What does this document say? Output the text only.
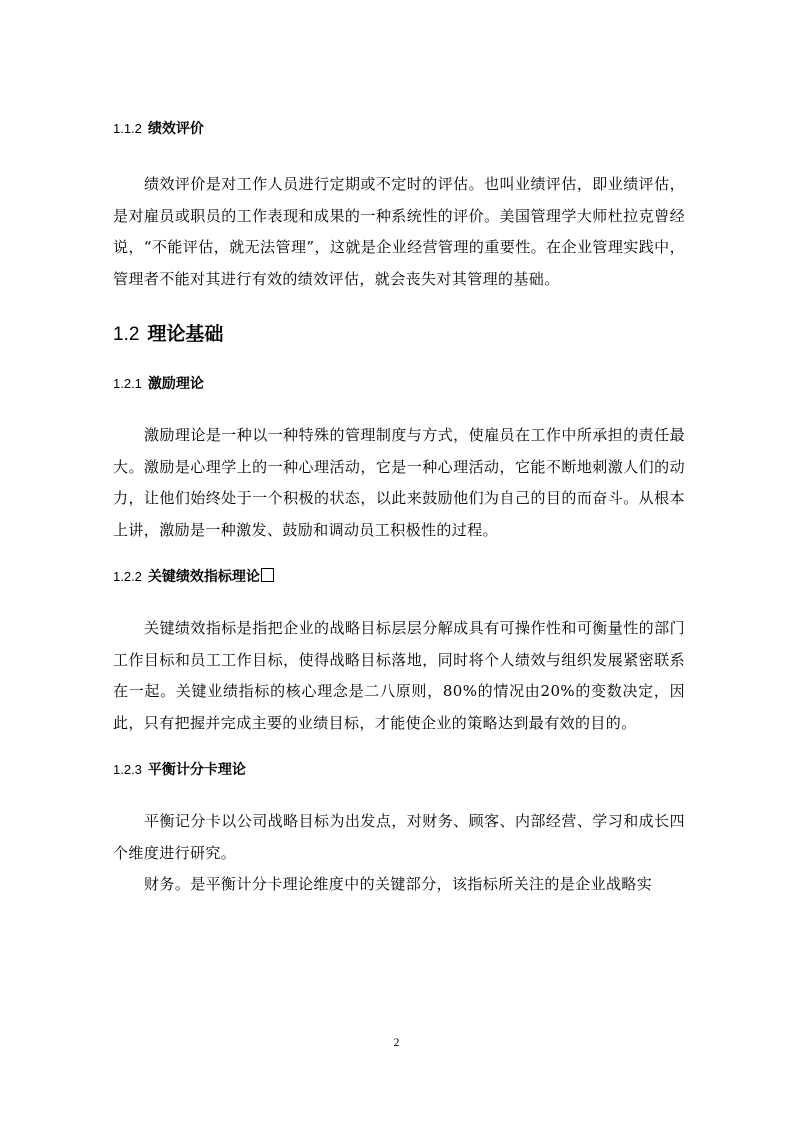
1.1.2 绩效评价

绩效评价是对工作人员进行定期或不定时的评估。也叫业绩评估，即业绩评估，是对雇员或职员的工作表现和成果的一种系统性的评价。美国管理学大师杜拉克曾经说，“不能评估，就无法管理”，这就是企业经营管理的重要性。在企业管理实践中，管理者不能对其进行有效的绩效评估，就会丧失对其管理的基础。

1.2 理论基础
1.2.1 激励理论

激励理论是一种以一种特殊的管理制度与方式，使雇员在工作中所承担的责任最大。激励是心理学上的一种心理活动，它是一种心理活动，它能不断地刺激人们的动力，让他们始终处于一个积极的状态，以此来鼓励他们为自己的目的而奋斗。从根本上讲，激励是一种激发、鼓励和调动员工积极性的过程。

1.2.2 关键绩效指标理论

关键绩效指标是指把企业的战略目标层层分解成具有可操作性和可衡量性的部门工作目标和员工工作目标，使得战略目标落地，同时将个人绩效与组织发展紧密联系在一起。关键业绩指标的核心理念是二八原则，80%的情况由20%的变数决定，因此，只有把握并完成主要的业绩目标，才能使企业的策略达到最有效的目的。

1.2.3 平衡计分卡理论

平衡记分卡以公司战略目标为出发点，对财务、顾客、内部经营、学习和成长四个维度进行研究。

财务。是平衡计分卡理论维度中的关键部分，该指标所关注的是企业战略实

2
